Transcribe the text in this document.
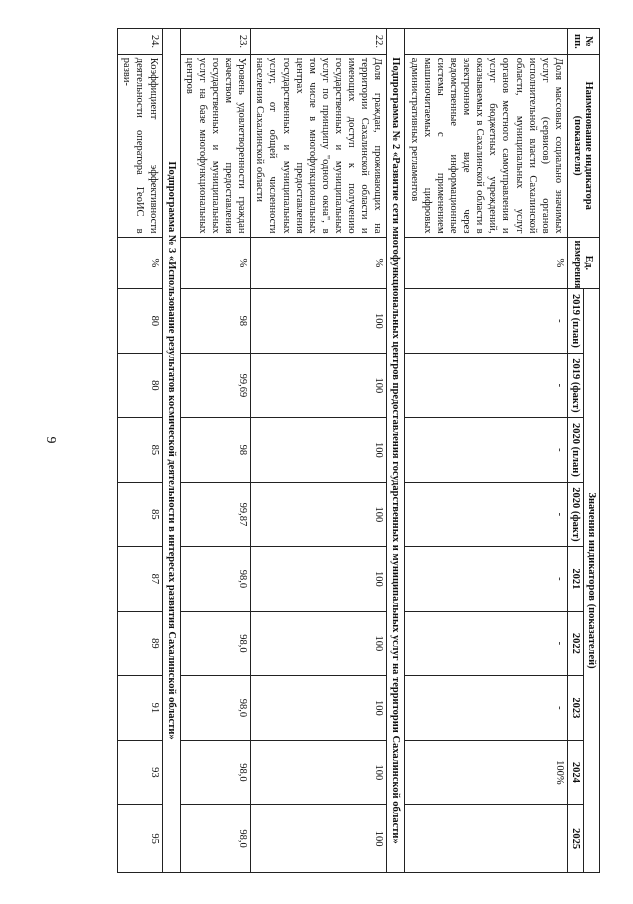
9
№ пп.	Наименование индикатора (показателя)	Ед. измерения	Значения индикаторов (показателей)								
			2019 (план)	2019 (факт)	2020 (план)	2020 (факт)	2021	2022	2023	2024	2025
	Доля массовых социально значимых услуг (сервисов) органов исполнительной власти Сахалинской области, муниципальных услуг органов местного самоуправления и услуг бюджетных учреждений, оказываемых в Сахалинской области в электронном виде через ведомственные информационные системы с применением машиночитаемых цифровых административных регламентов	%	-	-	-	-	-	-	-	100%	
Подпрограмма № 2 «Развитие сети многофункциональных центров предоставления государственных и муниципальных услуг на территории Сахалинской области»											
22.	Доля граждан, проживающих на территории Сахалинской области и имеющих доступ к получению государственных и муниципальных услуг по принципу "одного окна", в том числе в многофункциональных центрах предоставления государственных и муниципальных услуг, от общей численности населения Сахалинской области	%	100	100	100	100	100	100	100	100	100
23.	Уровень удовлетворенности граждан качеством предоставления государственных и муниципальных услуг на базе многофункциональных центров	%	98	99,69	98	99,87	98,0	98,0	98,0	98,0	98,0
Подпрограмма № 3 «Использование результатов космической деятельности в интересах развития Сахалинской области»											
24.	Коэффициент эффективности деятельности оператора ГеоИС в разви-	%	80	80	85	85	87	89	91	93	95
